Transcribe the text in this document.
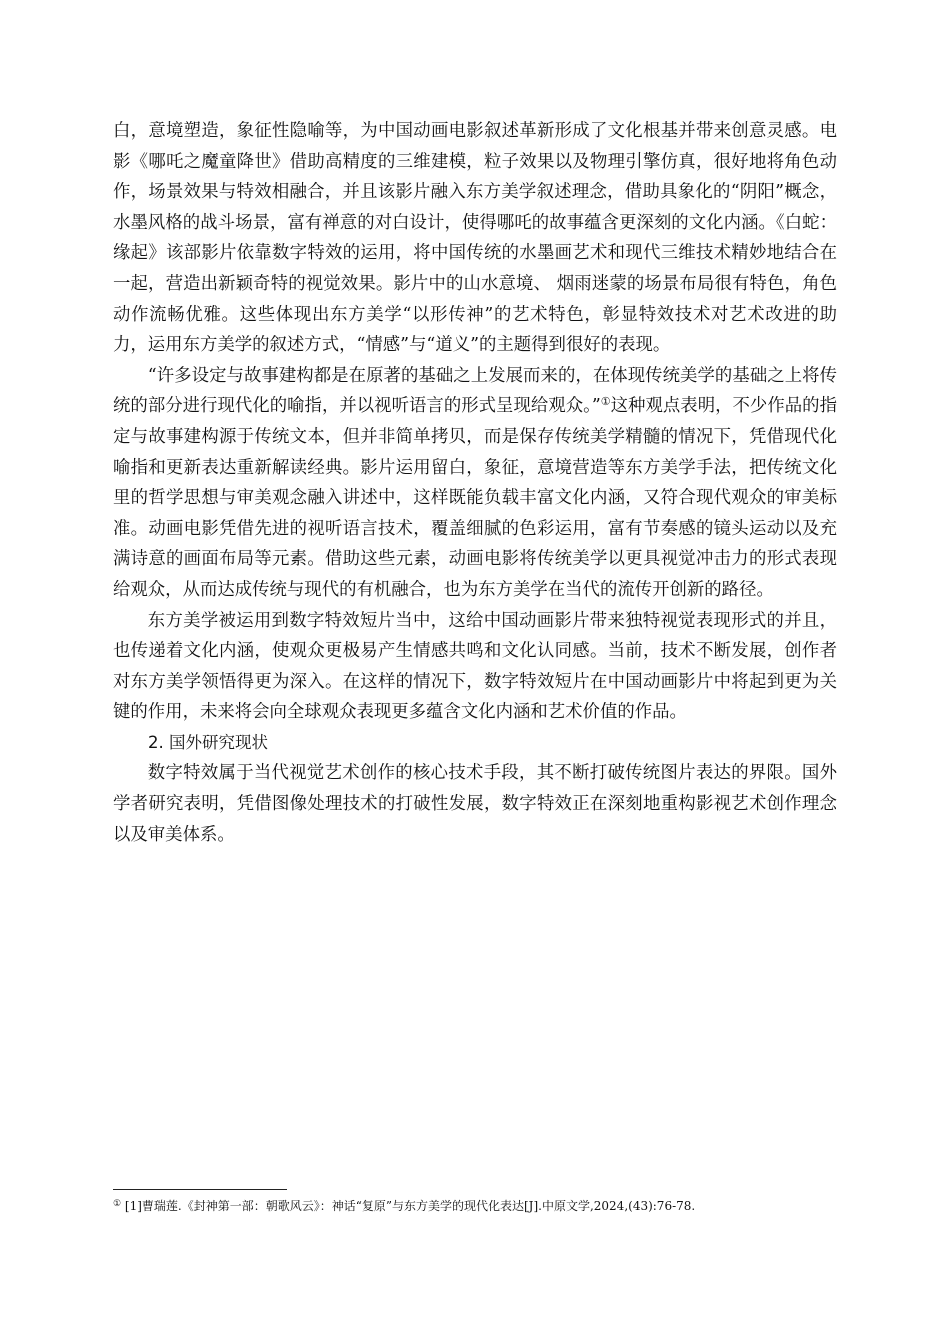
白，意境塑造，象征性隐喻等，为中国动画电影叙述革新形成了文化根基并带来创意灵感。电影《哪吒之魔童降世》借助高精度的三维建模，粒子效果以及物理引擎仿真，很好地将角色动作，场景效果与特效相融合，并且该影片融入东方美学叙述理念，借助具象化的“阴阳”概念，水墨风格的战斗场景，富有禅意的对白设计，使得哪吒的故事蕴含更深刻的文化内涵。《白蛇：缘起》该部影片依靠数字特效的运用，将中国传统的水墨画艺术和现代三维技术精妙地结合在一起，营造出新颖奇特的视觉效果。影片中的山水意境、 烟雨迷蒙的场景布局很有特色，角色动作流畅优雅。这些体现出东方美学“以形传神”的艺术特色，彰显特效技术对艺术改进的助力，运用东方美学的叙述方式，“情感”与“道义”的主题得到很好的表现。

“许多设定与故事建构都是在原著的基础之上发展而来的，在体现传统美学的基础之上将传统的部分进行现代化的喻指，并以视听语言的形式呈现给观众。”①这种观点表明，不少作品的指定与故事建构源于传统文本，但并非简单拷贝，而是保存传统美学精髓的情况下，凭借现代化喻指和更新表达重新解读经典。影片运用留白，象征，意境营造等东方美学手法，把传统文化里的哲学思想与审美观念融入讲述中，这样既能负载丰富文化内涵，又符合现代观众的审美标准。动画电影凭借先进的视听语言技术，覆盖细腻的色彩运用，富有节奏感的镜头运动以及充满诗意的画面布局等元素。借助这些元素，动画电影将传统美学以更具视觉冲击力的形式表现给观众，从而达成传统与现代的有机融合，也为东方美学在当代的流传开创新的路径。

东方美学被运用到数字特效短片当中，这给中国动画影片带来独特视觉表现形式的并且，也传递着文化内涵，使观众更极易产生情感共鸣和文化认同感。当前，技术不断发展，创作者对东方美学领悟得更为深入。在这样的情况下，数字特效短片在中国动画影片中将起到更为关键的作用，未来将会向全球观众表现更多蕴含文化内涵和艺术价值的作品。

2. 国外研究现状

数字特效属于当代视觉艺术创作的核心技术手段，其不断打破传统图片表达的界限。国外学者研究表明，凭借图像处理技术的打破性发展，数字特效正在深刻地重构影视艺术创作理念以及审美体系。

① [1]曹瑞莲.《封神第一部：朝歌风云》：神话“复原”与东方美学的现代化表达[J].中原文学,2024,(43):76-78.
